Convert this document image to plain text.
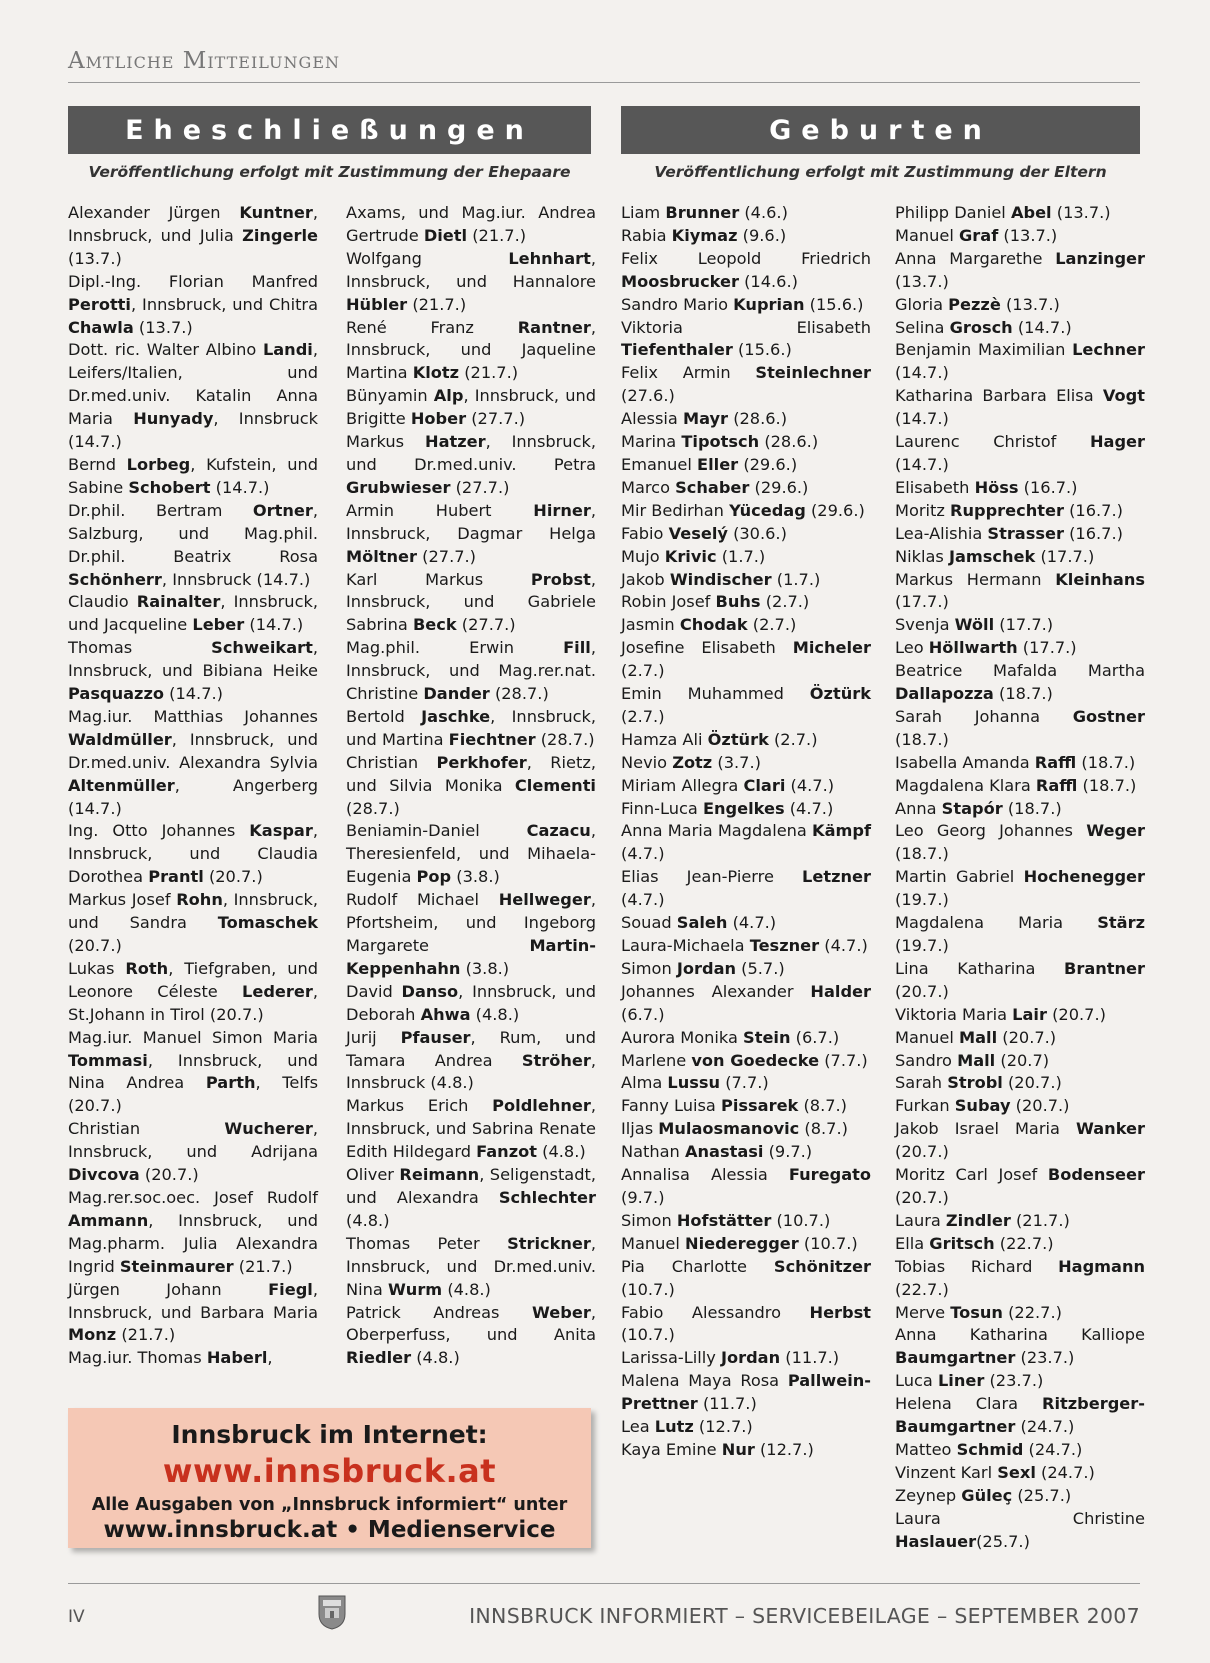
Amtliche Mitteilungen
Eheschließungen	Geburten
Veröffentlichung erfolgt mit Zustimmung der Ehepaare	Veröffentlichung erfolgt mit Zustimmung der Eltern

Alexander Jürgen Kuntner, Innsbruck, und Julia Zingerle (13.7.)

Dipl.-Ing. Florian Manfred Perotti, Innsbruck, und Chitra Chawla (13.7.)

Dott. ric. Walter Albino Landi, Leifers/Italien, und Dr.med.univ. Katalin Anna Maria Hunyady, Innsbruck (14.7.)

Bernd Lorbeg, Kufstein, und Sabine Schobert (14.7.)

Dr.phil. Bertram Ortner, Salzburg, und Mag.phil. Dr.phil. Beatrix Rosa Schönherr, Innsbruck (14.7.)

Claudio Rainalter, Innsbruck, und Jacqueline Leber (14.7.)

Thomas Schweikart, Innsbruck, und Bibiana Heike Pasquazzo (14.7.)

Mag.iur. Matthias Johannes Waldmüller, Innsbruck, und Dr.med.univ. Alexandra Sylvia Altenmüller, Angerberg (14.7.)

Ing. Otto Johannes Kaspar, Innsbruck, und Claudia Dorothea Prantl (20.7.)

Markus Josef Rohn, Innsbruck, und Sandra Tomaschek (20.7.)

Lukas Roth, Tiefgraben, und Leonore Céleste Lederer, St.Johann in Tirol (20.7.)

Mag.iur. Manuel Simon Maria Tommasi, Innsbruck, und Nina Andrea Parth, Telfs (20.7.)

Christian Wucherer, Innsbruck, und Adrijana Divcova (20.7.)

Mag.rer.soc.oec. Josef Rudolf Ammann, Innsbruck, und Mag.pharm. Julia Alexandra Ingrid Steinmaurer (21.7.)

Jürgen Johann Fiegl, Innsbruck, und Barbara Maria Monz (21.7.)

Mag.iur. Thomas Haberl,

Axams, und Mag.iur. Andrea Gertrude Dietl (21.7.)

Wolfgang Lehnhart, Innsbruck, und Hannalore Hübler (21.7.)

René Franz Rantner, Innsbruck, und Jaqueline Martina Klotz (21.7.)

Bünyamin Alp, Innsbruck, und Brigitte Hober (27.7.)

Markus Hatzer, Innsbruck, und Dr.med.univ. Petra Grubwieser (27.7.)

Armin Hubert Hirner, Innsbruck, Dagmar Helga Möltner (27.7.)

Karl Markus Probst, Innsbruck, und Gabriele Sabrina Beck (27.7.)

Mag.phil. Erwin Fill, Innsbruck, und Mag.rer.nat. Christine Dander (28.7.)

Bertold Jaschke, Innsbruck, und Martina Fiechtner (28.7.)

Christian Perkhofer, Rietz, und Silvia Monika Clementi (28.7.)

Beniamin-Daniel Cazacu, Theresienfeld, und Mihaela-Eugenia Pop (3.8.)

Rudolf Michael Hellweger, Pfortsheim, und Ingeborg Margarete Martin-Keppenhahn (3.8.)

David Danso, Innsbruck, und Deborah Ahwa (4.8.)

Jurij Pfauser, Rum, und Tamara Andrea Ströher, Innsbruck (4.8.)

Markus Erich Poldlehner, Innsbruck, und Sabrina Renate Edith Hildegard Fanzot (4.8.)

Oliver Reimann, Seligenstadt, und Alexandra Schlechter (4.8.)

Thomas Peter Strickner, Innsbruck, und Dr.med.univ. Nina Wurm (4.8.)

Patrick Andreas Weber, Oberperfuss, und Anita Riedler (4.8.)

Liam Brunner (4.6.)

Rabia Kiymaz (9.6.)

Felix Leopold Friedrich Moosbrucker (14.6.)

Sandro Mario Kuprian (15.6.)

Viktoria Elisabeth Tiefenthaler (15.6.)

Felix Armin Steinlechner (27.6.)

Alessia Mayr (28.6.)

Marina Tipotsch (28.6.)

Emanuel Eller (29.6.)

Marco Schaber (29.6.)

Mir Bedirhan Yücedag (29.6.)

Fabio Veselý (30.6.)

Mujo Krivic (1.7.)

Jakob Windischer (1.7.)

Robin Josef Buhs (2.7.)

Jasmin Chodak (2.7.)

Josefine Elisabeth Micheler (2.7.)

Emin Muhammed Öztürk (2.7.)

Hamza Ali Öztürk (2.7.)

Nevio Zotz (3.7.)

Miriam Allegra Clari (4.7.)

Finn-Luca Engelkes (4.7.)

Anna Maria Magdalena Kämpf (4.7.)

Elias Jean-Pierre Letzner (4.7.)

Souad Saleh (4.7.)

Laura-Michaela Teszner (4.7.)

Simon Jordan (5.7.)

Johannes Alexander Halder (6.7.)

Aurora Monika Stein (6.7.)

Marlene von Goedecke (7.7.)

Alma Lussu (7.7.)

Fanny Luisa Pissarek (8.7.)

Iljas Mulaosmanovic (8.7.)

Nathan Anastasi (9.7.)

Annalisa Alessia Furegato (9.7.)

Simon Hofstätter (10.7.)

Manuel Niederegger (10.7.)

Pia Charlotte Schönitzer (10.7.)

Fabio Alessandro Herbst (10.7.)

Larissa-Lilly Jordan (11.7.)

Malena Maya Rosa Pallwein-Prettner (11.7.)

Lea Lutz (12.7.)

Kaya Emine Nur (12.7.)

Philipp Daniel Abel (13.7.)

Manuel Graf (13.7.)

Anna Margarethe Lanzinger (13.7.)

Gloria Pezzè (13.7.)

Selina Grosch (14.7.)

Benjamin Maximilian Lechner (14.7.)

Katharina Barbara Elisa Vogt (14.7.)

Laurenc Christof Hager (14.7.)

Elisabeth Höss (16.7.)

Moritz Rupprechter (16.7.)

Lea-Alishia Strasser (16.7.)

Niklas Jamschek (17.7.)

Markus Hermann Kleinhans (17.7.)

Svenja Wöll (17.7.)

Leo Höllwarth (17.7.)

Beatrice Mafalda Martha Dallapozza (18.7.)

Sarah Johanna Gostner (18.7.)

Isabella Amanda Raffl (18.7.)

Magdalena Klara Raffl (18.7.)

Anna Stapór (18.7.)

Leo Georg Johannes Weger (18.7.)

Martin Gabriel Hochenegger (19.7.)

Magdalena Maria Stärz (19.7.)

Lina Katharina Brantner (20.7.)

Viktoria Maria Lair (20.7.)

Manuel Mall (20.7.)

Sandro Mall (20.7)

Sarah Strobl (20.7.)

Furkan Subay (20.7.)

Jakob Israel Maria Wanker (20.7.)

Moritz Carl Josef Bodenseer (20.7.)

Laura Zindler (21.7.)

Ella Gritsch (22.7.)

Tobias Richard Hagmann (22.7.)

Merve Tosun (22.7.)

Anna Katharina Kalliope Baumgartner (23.7.)

Luca Liner (23.7.)

Helena Clara Ritzberger-Baumgartner (24.7.)

Matteo Schmid (24.7.)

Vinzent Karl Sexl (24.7.)

Zeynep Güleç (25.7.)

Laura Christine Haslauer(25.7.)

Innsbruck im Internet:
www.innsbruck.at
Alle Ausgaben von „Innsbruck informiert“ unter
www.innsbruck.at • Medienservice
IV	INNSBRUCK INFORMIERT – SERVICEBEILAGE – SEPTEMBER 2007
